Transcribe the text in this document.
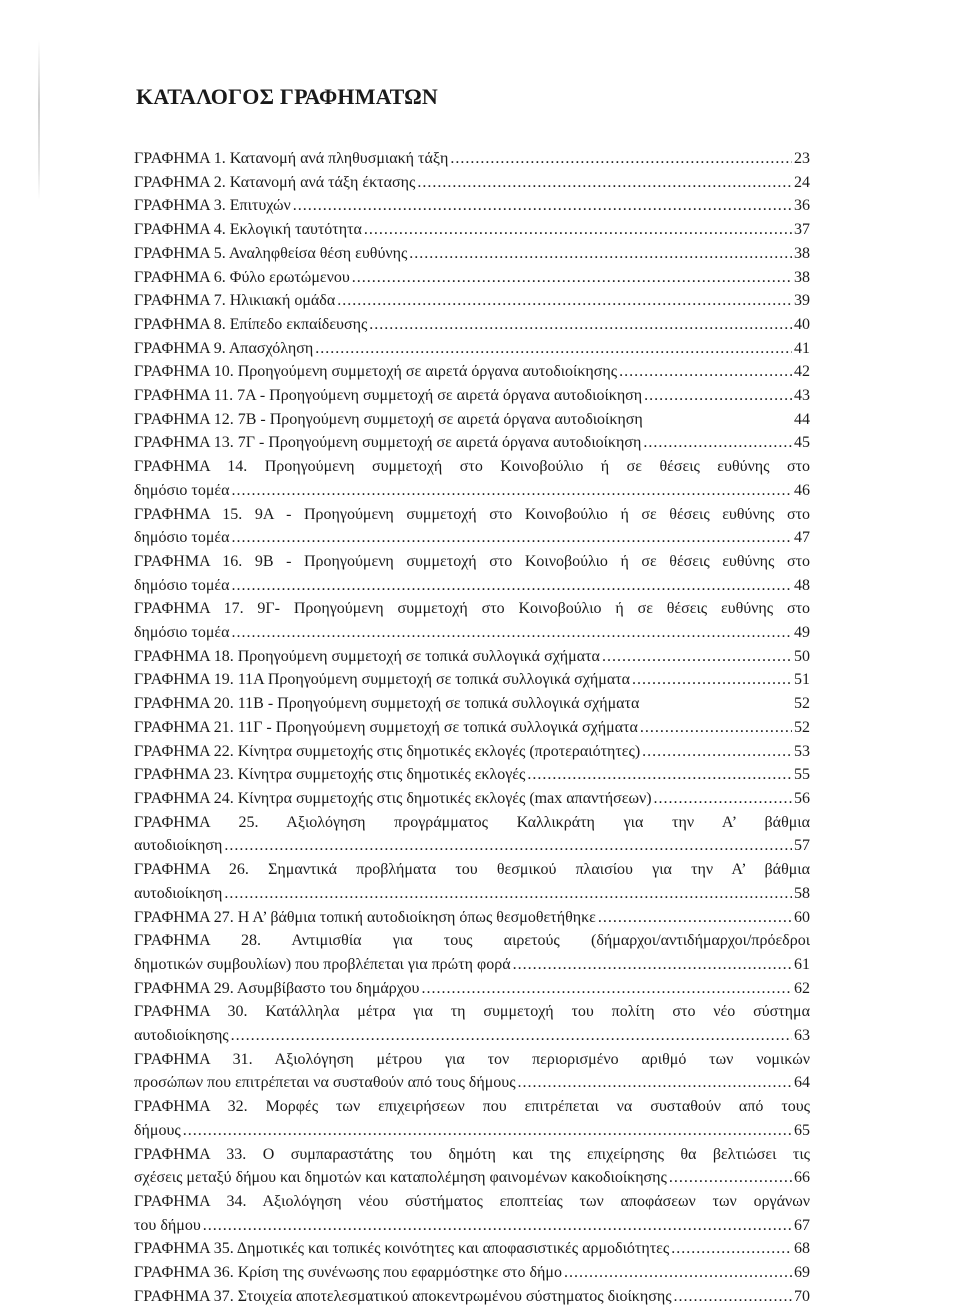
ΚΑΤΑΛΟΓΟΣ ΓΡΑΦΗΜΑΤΩΝ
ΓΡΑΦΗΜΑ 1. Κατανομή ανά πληθυσμιακή τάξη .....	23
ΓΡΑΦΗΜΑ 2. Κατανομή ανά τάξη έκτασης .....	24
ΓΡΑΦΗΜΑ 3. Επιτυχών .....	36
ΓΡΑΦΗΜΑ 4. Εκλογική ταυτότητα .....	37
ΓΡΑΦΗΜΑ 5. Αναληφθείσα θέση ευθύνης .....	38
ΓΡΑΦΗΜΑ 6. Φύλο ερωτώμενου .....	38
ΓΡΑΦΗΜΑ 7. Ηλικιακή ομάδα .....	39
ΓΡΑΦΗΜΑ 8. Επίπεδο εκπαίδευσης .....	40
ΓΡΑΦΗΜΑ 9. Απασχόληση .....	41
ΓΡΑΦΗΜΑ 10. Προηγούμενη συμμετοχή σε αιρετά όργανα αυτοδιοίκησης .....	42
ΓΡΑΦΗΜΑ 11. 7Α - Προηγούμενη συμμετοχή σε αιρετά όργανα αυτοδιοίκηση .....	43
ΓΡΑΦΗΜΑ 12. 7Β - Προηγούμενη συμμετοχή σε αιρετά όργανα αυτοδιοίκηση	44
ΓΡΑΦΗΜΑ 13. 7Γ - Προηγούμενη συμμετοχή σε αιρετά όργανα αυτοδιοίκηση .....	45
ΓΡΑΦΗΜΑ 14. Προηγούμενη συμμετοχή στο Κοινοβούλιο ή σε θέσεις ευθύνης στο
δημόσιο τομέα .....	46
ΓΡΑΦΗΜΑ 15. 9Α - Προηγούμενη συμμετοχή στο Κοινοβούλιο ή σε θέσεις ευθύνης στο
δημόσιο τομέα .....	47
ΓΡΑΦΗΜΑ 16. 9Β - Προηγούμενη συμμετοχή στο Κοινοβούλιο ή σε θέσεις ευθύνης στο
δημόσιο τομέα .....	48
ΓΡΑΦΗΜΑ 17. 9Γ- Προηγούμενη συμμετοχή στο Κοινοβούλιο ή σε θέσεις ευθύνης στο
δημόσιο τομέα .....	49
ΓΡΑΦΗΜΑ 18. Προηγούμενη συμμετοχή σε τοπικά συλλογικά σχήματα .....	50
ΓΡΑΦΗΜΑ 19. 11Α Προηγούμενη συμμετοχή σε τοπικά συλλογικά σχήματα .....	51
ΓΡΑΦΗΜΑ 20. 11Β - Προηγούμενη συμμετοχή σε τοπικά συλλογικά σχήματα	52
ΓΡΑΦΗΜΑ 21. 11Γ - Προηγούμενη συμμετοχή σε τοπικά συλλογικά σχήματα .....	52
ΓΡΑΦΗΜΑ 22. Κίνητρα συμμετοχής στις δημοτικές εκλογές (προτεραιότητες) .....	53
ΓΡΑΦΗΜΑ 23. Κίνητρα συμμετοχής στις δημοτικές εκλογές .....	55
ΓΡΑΦΗΜΑ 24. Κίνητρα συμμετοχής στις δημοτικές εκλογές (max απαντήσεων) .....	56
ΓΡΑΦΗΜΑ 25. Αξιολόγηση προγράμματος Καλλικράτη για την Α’ βάθμια
αυτοδιοίκηση .....	57
ΓΡΑΦΗΜΑ 26. Σημαντικά προβλήματα του θεσμικού πλαισίου για την Α’ βάθμια
αυτοδιοίκηση .....	58
ΓΡΑΦΗΜΑ 27. Η Α’ βάθμια τοπική αυτοδιοίκηση όπως θεσμοθετήθηκε .....	60
ΓΡΑΦΗΜΑ 28. Αντιμισθία για τους αιρετούς (δήμαρχοι/αντιδήμαρχοι/πρόεδροι
δημοτικών συμβουλίων) που προβλέπεται για πρώτη φορά .....	61
ΓΡΑΦΗΜΑ 29. Ασυμβίβαστο του δημάρχου .....	62
ΓΡΑΦΗΜΑ 30. Κατάλληλα μέτρα για τη συμμετοχή του πολίτη στο νέο σύστημα
αυτοδιοίκησης .....	63
ΓΡΑΦΗΜΑ 31. Αξιολόγηση μέτρου για τον περιορισμένο αριθμό των νομικών
προσώπων που επιτρέπεται να συσταθούν από τους δήμους .....	64
ΓΡΑΦΗΜΑ 32. Μορφές των επιχειρήσεων που επιτρέπεται να συσταθούν από τους
δήμους .....	65
ΓΡΑΦΗΜΑ 33. Ο συμπαραστάτης του δημότη και της επιχείρησης θα βελτιώσει τις
σχέσεις μεταξύ δήμου και δημοτών και καταπολέμηση φαινομένων κακοδιοίκησης .....	66
ΓΡΑΦΗΜΑ 34. Αξιολόγηση νέου σύστήματος εποπτείας των αποφάσεων των οργάνων
του δήμου .....	67
ΓΡΑΦΗΜΑ 35. Δημοτικές και τοπικές κοινότητες και αποφασιστικές αρμοδιότητες .....	68
ΓΡΑΦΗΜΑ 36. Κρίση της συνένωσης που εφαρμόστηκε στο δήμο .....	69
ΓΡΑΦΗΜΑ 37. Στοιχεία αποτελεσματικού αποκεντρωμένου σύστηματος διοίκησης .....	70
